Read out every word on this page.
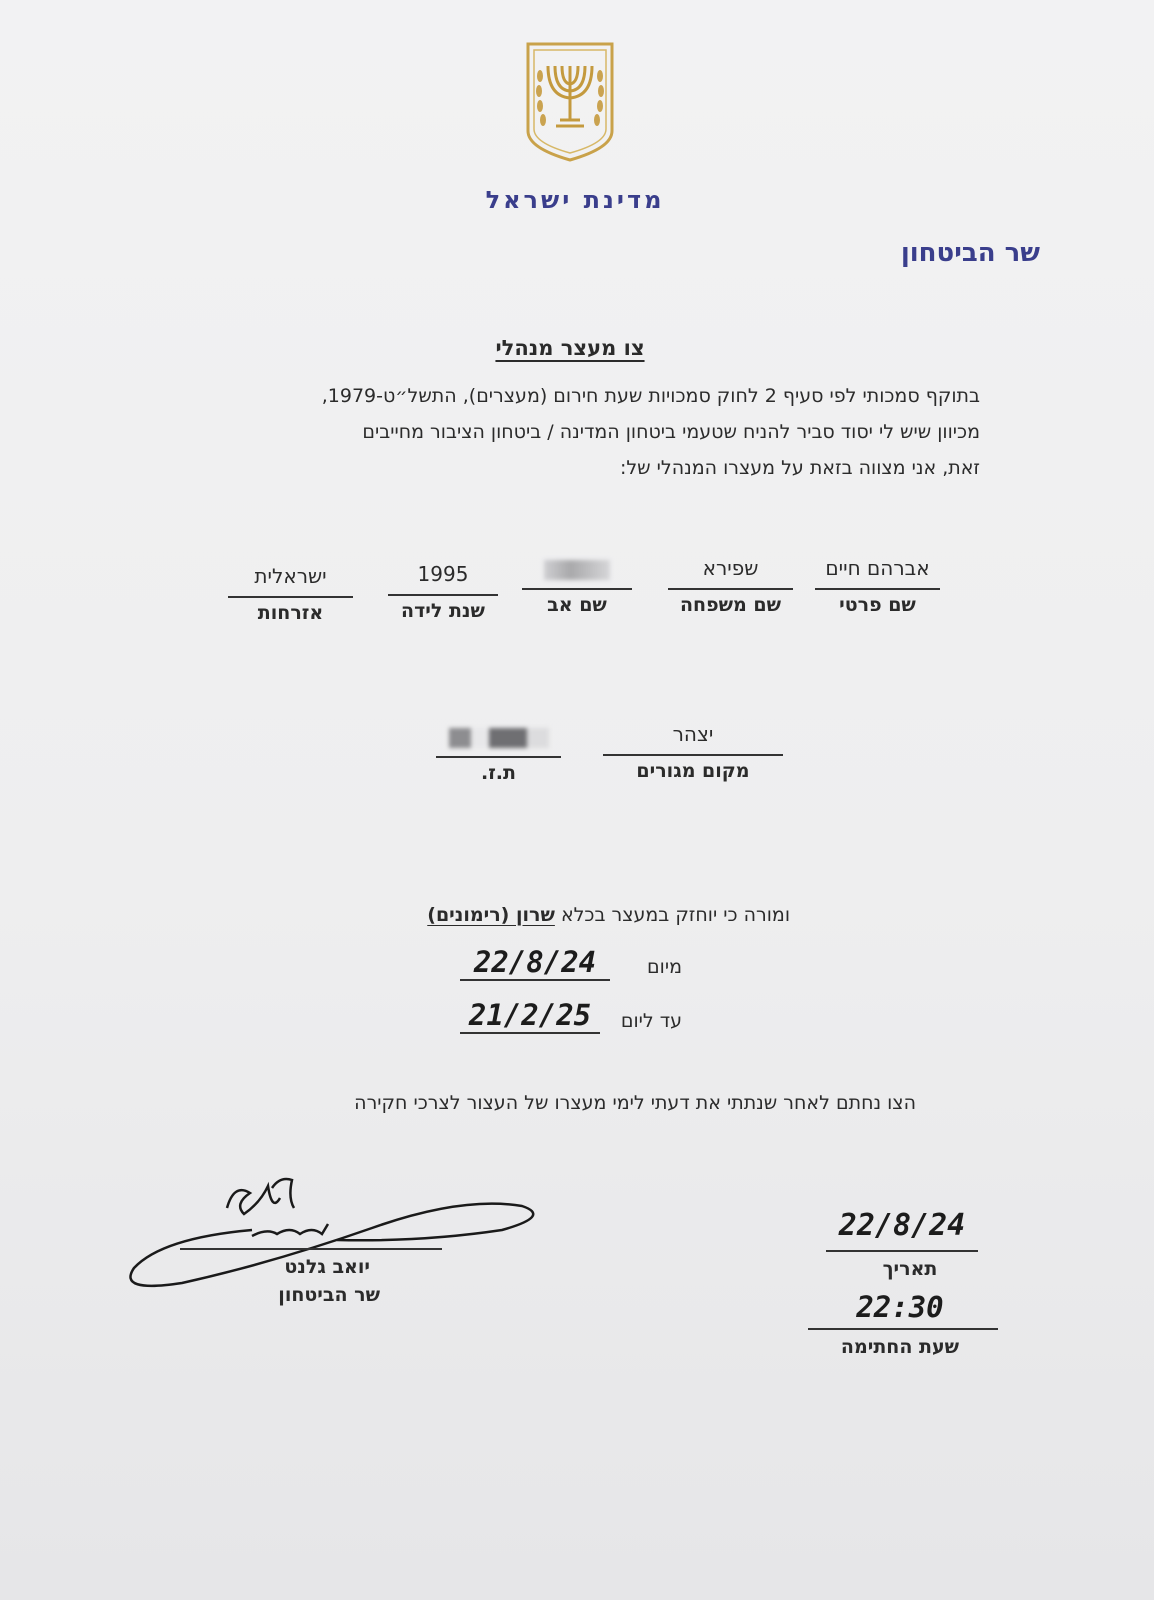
מדינת ישראל
שר הביטחון
צו מעצר מנהלי
בתוקף סמכותי לפי סעיף 2 לחוק סמכויות שעת חירום (מעצרים), התשל״ט-1979,
מכיוון שיש לי יסוד סביר להניח שטעמי ביטחון המדינה / ביטחון הציבור מחייבים
זאת, אני מצווה בזאת על מעצרו המנהלי של:
אברהם חיים
שם פרטי
שפירא
שם משפחה
שם אב
1995
שנת לידה
ישראלית
אזרחות
יצהר
מקום מגורים
ת.ז.
ומורה כי יוחזק במעצר בכלא שרון (רימונים)
22/8/24	מיום
21/2/25	עד ליום
הצו נחתם לאחר שנתתי את דעתי לימי מעצרו של העצור לצרכי חקירה
יואב גלנט
שר הביטחון
22/8/24
תאריך
22:30
שעת החתימה
